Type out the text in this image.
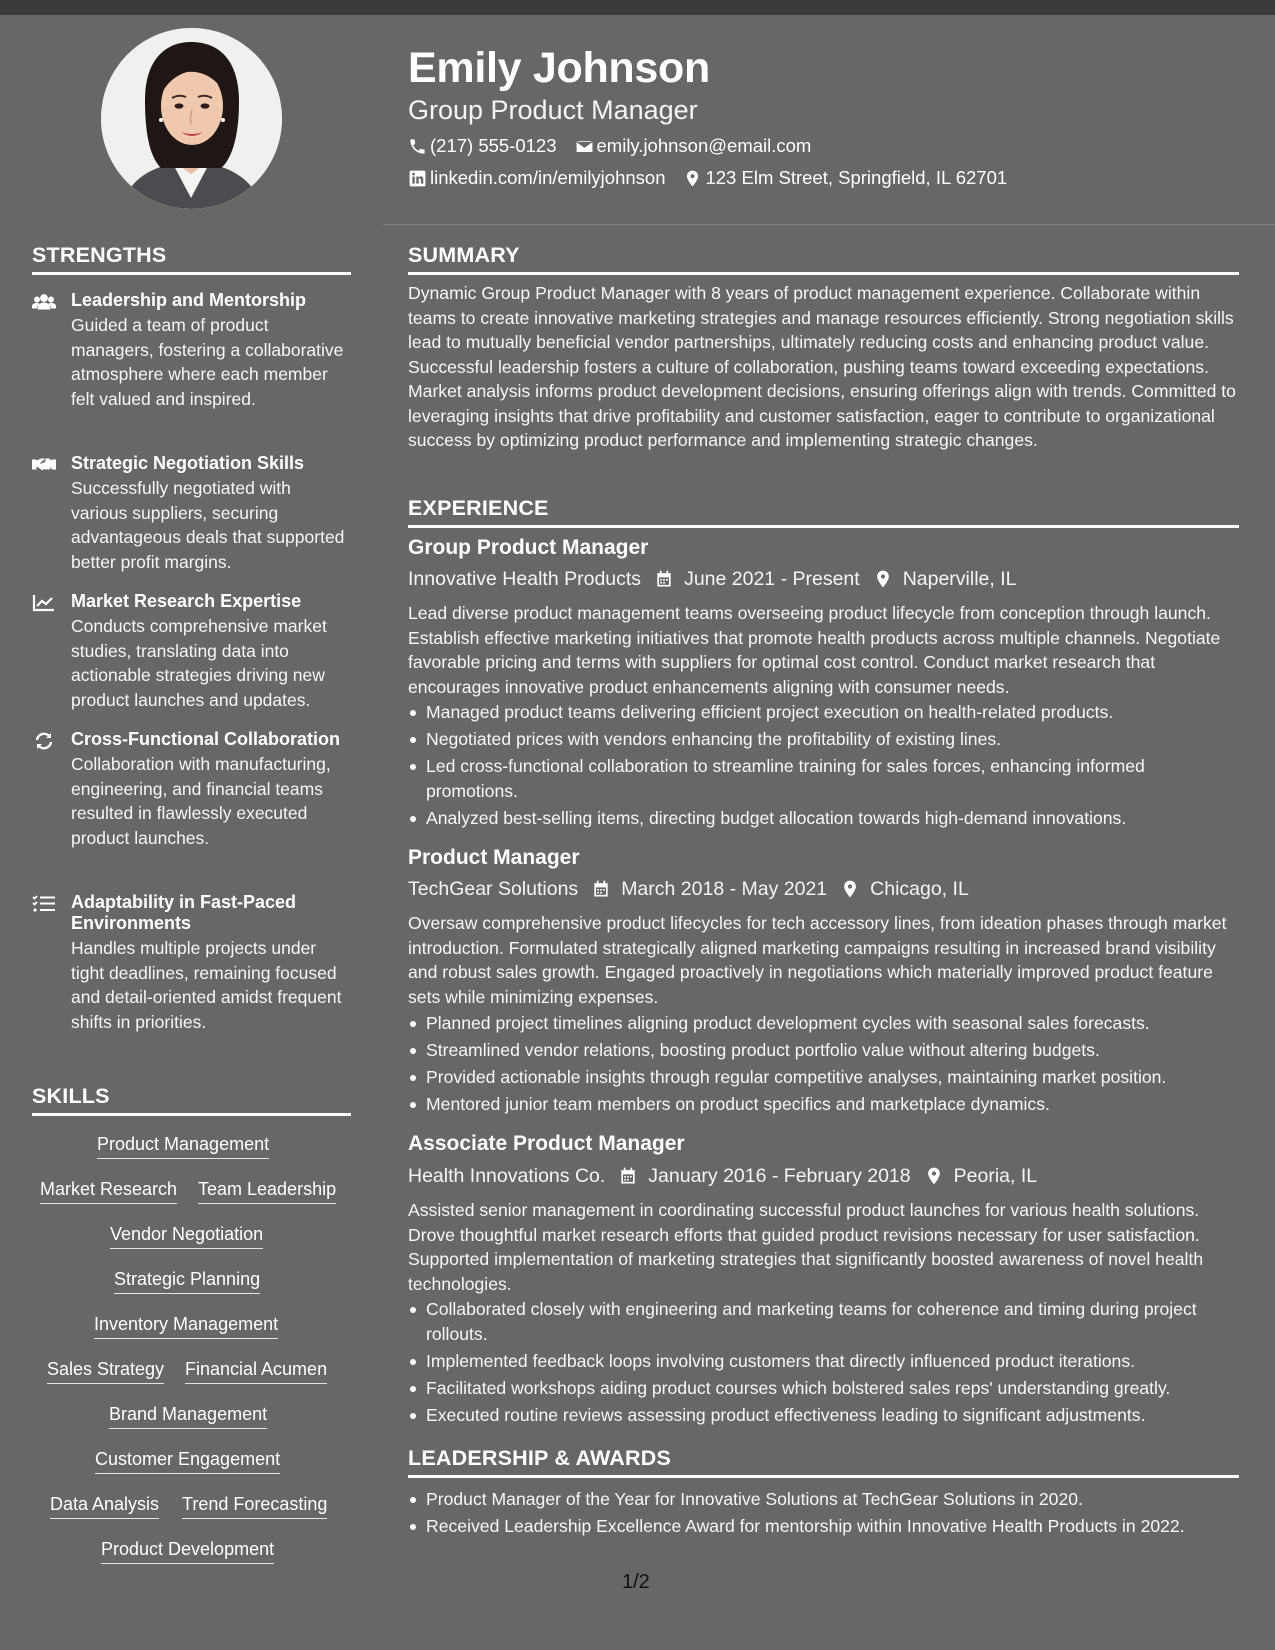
Emily Johnson
Group Product Manager
(217) 555-0123 emily.johnson@email.com
linkedin.com/in/emilyjohnson 123 Elm Street, Springfield, IL 62701
STRENGTHS
Leadership and Mentorship
Guided a team of product managers, fostering a collaborative atmosphere where each member felt valued and inspired.
Strategic Negotiation Skills
Successfully negotiated with various suppliers, securing advantageous deals that supported better profit margins.
Market Research Expertise
Conducts comprehensive market studies, translating data into actionable strategies driving new product launches and updates.
Cross-Functional Collaboration
Collaboration with manufacturing, engineering, and financial teams resulted in flawlessly executed product launches.
Adaptability in Fast-Paced Environments
Handles multiple projects under tight deadlines, remaining focused and detail-oriented amidst frequent shifts in priorities.
SKILLS
Product Management
Market Research Team Leadership
Vendor Negotiation
Strategic Planning
Inventory Management
Sales Strategy Financial Acumen
Brand Management
Customer Engagement
Data Analysis Trend Forecasting
Product Development
SUMMARY
Dynamic Group Product Manager with 8 years of product management experience. Collaborate within teams to create innovative marketing strategies and manage resources efficiently. Strong negotiation skills lead to mutually beneficial vendor partnerships, ultimately reducing costs and enhancing product value. Successful leadership fosters a culture of collaboration, pushing teams toward exceeding expectations. Market analysis informs product development decisions, ensuring offerings align with trends. Committed to leveraging insights that drive profitability and customer satisfaction, eager to contribute to organizational success by optimizing product performance and implementing strategic changes.
EXPERIENCE
Group Product Manager
Innovative Health Products June 2021 - Present Naperville, IL
Lead diverse product management teams overseeing product lifecycle from conception through launch. Establish effective marketing initiatives that promote health products across multiple channels. Negotiate favorable pricing and terms with suppliers for optimal cost control. Conduct market research that encourages innovative product enhancements aligning with consumer needs.
Managed product teams delivering efficient project execution on health-related products.
Negotiated prices with vendors enhancing the profitability of existing lines.
Led cross-functional collaboration to streamline training for sales forces, enhancing informed promotions.
Analyzed best-selling items, directing budget allocation towards high-demand innovations.
Product Manager
TechGear Solutions March 2018 - May 2021 Chicago, IL
Oversaw comprehensive product lifecycles for tech accessory lines, from ideation phases through market introduction. Formulated strategically aligned marketing campaigns resulting in increased brand visibility and robust sales growth. Engaged proactively in negotiations which materially improved product feature sets while minimizing expenses.
Planned project timelines aligning product development cycles with seasonal sales forecasts.
Streamlined vendor relations, boosting product portfolio value without altering budgets.
Provided actionable insights through regular competitive analyses, maintaining market position.
Mentored junior team members on product specifics and marketplace dynamics.
Associate Product Manager
Health Innovations Co. January 2016 - February 2018 Peoria, IL
Assisted senior management in coordinating successful product launches for various health solutions. Drove thoughtful market research efforts that guided product revisions necessary for user satisfaction. Supported implementation of marketing strategies that significantly boosted awareness of novel health technologies.
Collaborated closely with engineering and marketing teams for coherence and timing during project rollouts.
Implemented feedback loops involving customers that directly influenced product iterations.
Facilitated workshops aiding product courses which bolstered sales reps' understanding greatly.
Executed routine reviews assessing product effectiveness leading to significant adjustments.
LEADERSHIP & AWARDS
Product Manager of the Year for Innovative Solutions at TechGear Solutions in 2020.
Received Leadership Excellence Award for mentorship within Innovative Health Products in 2022.
1/2
